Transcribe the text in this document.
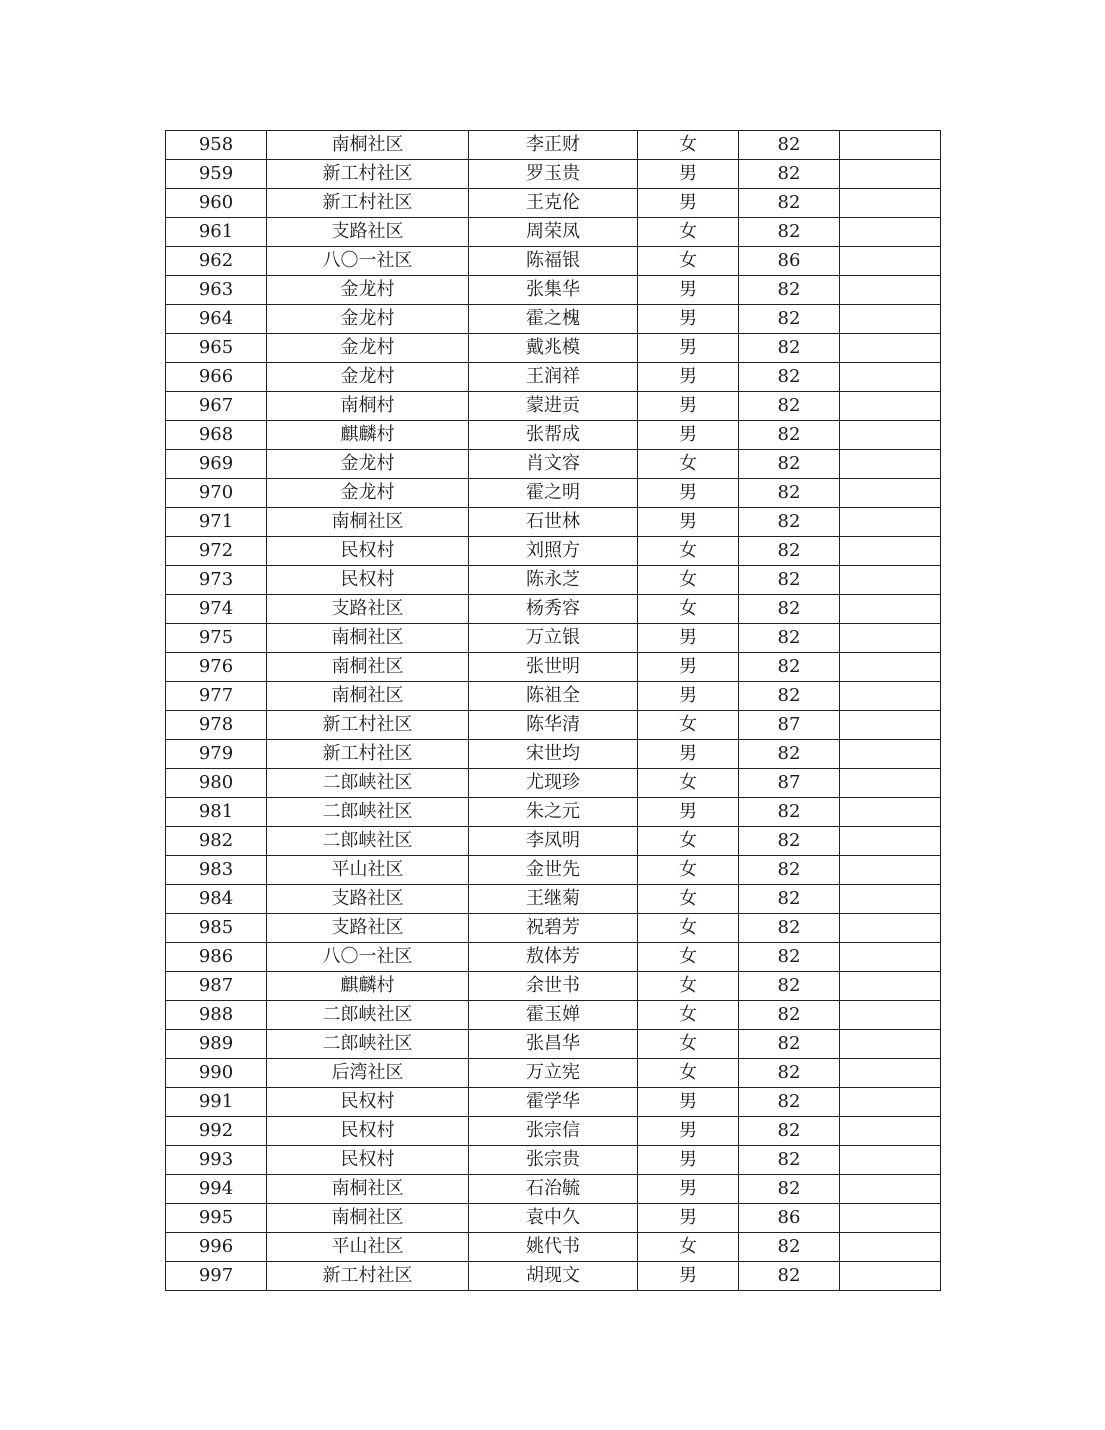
958	南桐社区	李正财	女	82	
959	新工村社区	罗玉贵	男	82	
960	新工村社区	王克伦	男	82	
961	支路社区	周荣凤	女	82	
962	八〇一社区	陈福银	女	86	
963	金龙村	张集华	男	82	
964	金龙村	霍之槐	男	82	
965	金龙村	戴兆模	男	82	
966	金龙村	王润祥	男	82	
967	南桐村	蒙进贡	男	82	
968	麒麟村	张帮成	男	82	
969	金龙村	肖文容	女	82	
970	金龙村	霍之明	男	82	
971	南桐社区	石世林	男	82	
972	民权村	刘照方	女	82	
973	民权村	陈永芝	女	82	
974	支路社区	杨秀容	女	82	
975	南桐社区	万立银	男	82	
976	南桐社区	张世明	男	82	
977	南桐社区	陈祖全	男	82	
978	新工村社区	陈华清	女	87	
979	新工村社区	宋世均	男	82	
980	二郎峡社区	尤现珍	女	87	
981	二郎峡社区	朱之元	男	82	
982	二郎峡社区	李凤明	女	82	
983	平山社区	金世先	女	82	
984	支路社区	王继菊	女	82	
985	支路社区	祝碧芳	女	82	
986	八〇一社区	敖体芳	女	82	
987	麒麟村	余世书	女	82	
988	二郎峡社区	霍玉婵	女	82	
989	二郎峡社区	张昌华	女	82	
990	后湾社区	万立宪	女	82	
991	民权村	霍学华	男	82	
992	民权村	张宗信	男	82	
993	民权村	张宗贵	男	82	
994	南桐社区	石治毓	男	82	
995	南桐社区	袁中久	男	86	
996	平山社区	姚代书	女	82	
997	新工村社区	胡现文	男	82	
